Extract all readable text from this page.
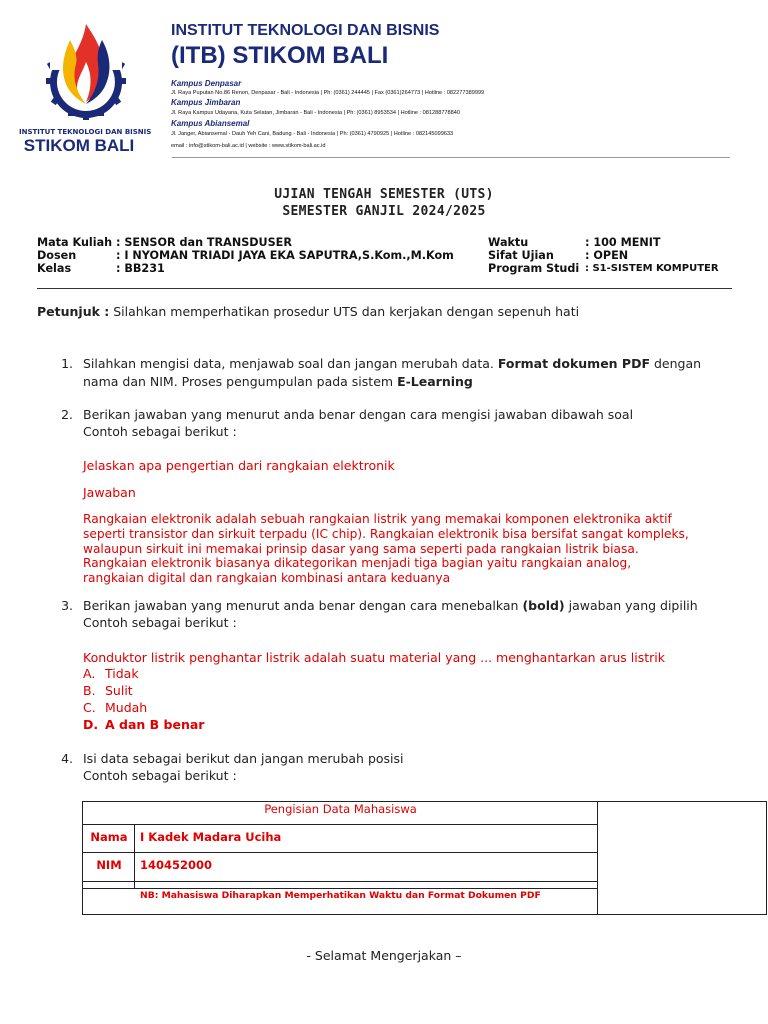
INSTITUT TEKNOLOGI DAN BISNIS
STIKOM BALI
INSTITUT TEKNOLOGI DAN BISNIS
(ITB) STIKOM BALI
Kampus Denpasar
Jl. Raya Puputan No.86 Renon, Denpasar - Bali - Indonesia | Ph: (0361) 244445 | Fax (0361)264773 | Hotline : 082277389999
Kampus Jimbaran
Jl. Raya Kampus Udayana, Kuta Selatan, Jimbaran - Bali - Indonesia | Ph: (0361) 8953534 | Hotline : 081288778840
Kampus Abiansemal
Jl. Janger, Abiansemal - Dauh Yeh Cani, Badung - Bali - Indonesia | Ph: (0361) 4790925 | Hotline : 082145099633
email : info@stikom-bali.ac.id | website : www.stikom-bali.ac.id
UJIAN TENGAH SEMESTER (UTS)
SEMESTER GANJIL 2024/2025
Mata Kuliah : SENSOR dan TRANSDUSER
Dosen	: I NYOMAN TRIADI JAYA EKA SAPUTRA,S.Kom.,M.Kom
Kelas	: BB231
Waktu	: 100 MENIT
Sifat Ujian	: OPEN
Program Studi : S1-SISTEM KOMPUTER
Petunjuk : Silahkan memperhatikan prosedur UTS dan kerjakan dengan sepenuh hati
1. Silahkan mengisi data, menjawab soal dan jangan merubah data. Format dokumen PDF dengan
nama dan NIM. Proses pengumpulan pada sistem E-Learning
2. Berikan jawaban yang menurut anda benar dengan cara mengisi jawaban dibawah soal
Contoh sebagai berikut :
Jelaskan apa pengertian dari rangkaian elektronik
Jawaban
Rangkaian elektronik adalah sebuah rangkaian listrik yang memakai komponen elektronika aktif
seperti transistor dan sirkuit terpadu (IC chip). Rangkaian elektronik bisa bersifat sangat kompleks,
walaupun sirkuit ini memakai prinsip dasar yang sama seperti pada rangkaian listrik biasa.
Rangkaian elektronik biasanya dikategorikan menjadi tiga bagian yaitu rangkaian analog,
rangkaian digital dan rangkaian kombinasi antara keduanya
3. Berikan jawaban yang menurut anda benar dengan cara menebalkan (bold) jawaban yang dipilih
Contoh sebagai berikut :
Konduktor listrik penghantar listrik adalah suatu material yang ... menghantarkan arus listrik
A. Tidak
B. Sulit
C. Mudah
D. A dan B benar
4. Isi data sebagai berikut dan jangan merubah posisi
Contoh sebagai berikut :
Pengisian Data Mahasiswa
Nama	I Kadek Madara Uciha
NIM	140452000
NB: Mahasiswa Diharapkan Memperhatikan Waktu dan Format Dokumen PDF
- Selamat Mengerjakan –
